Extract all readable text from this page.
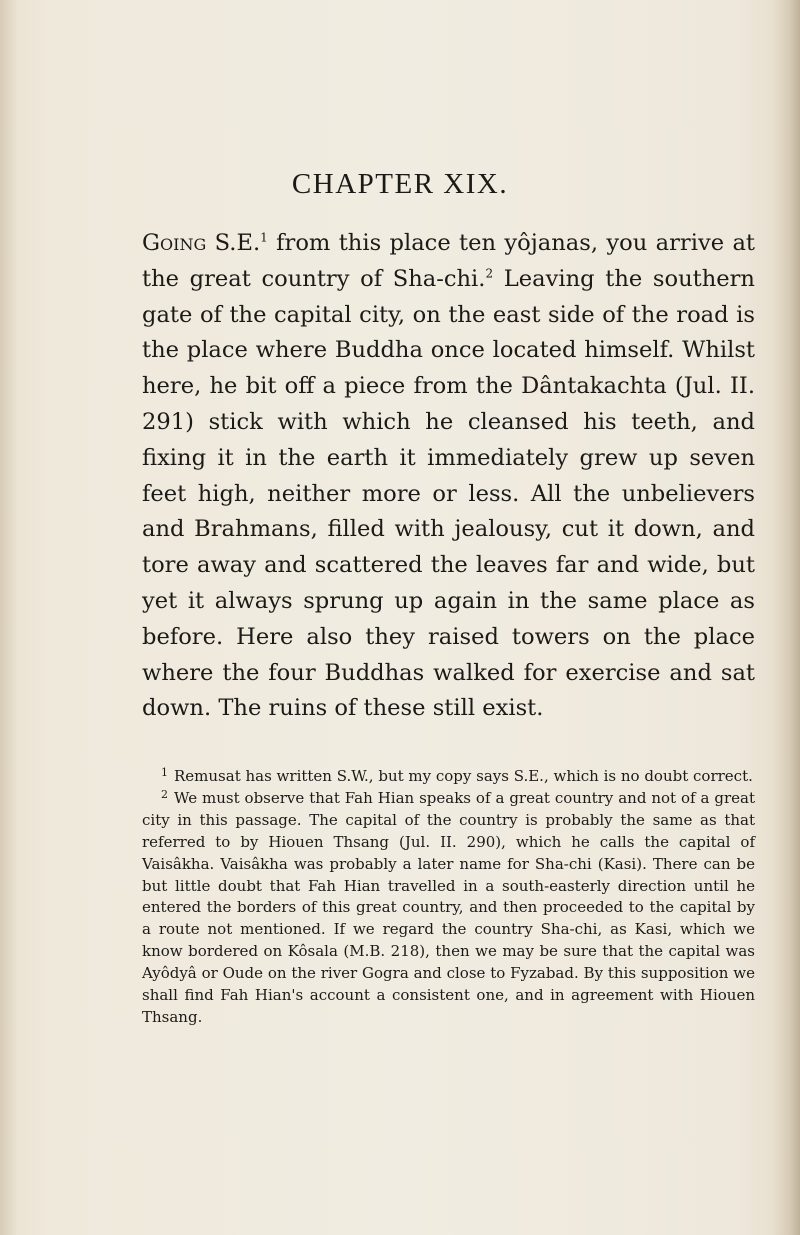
CHAPTER XIX.

Going S.E.$^1$ from this place ten yôjanas, you arrive at the great country of Sha-chi.$^2$ Leaving the southern gate of the capital city, on the east side of the road is the place where Buddha once located himself. Whilst here, he bit off a piece from the Dântakachta (Jul. II. 291) stick with which he cleansed his teeth, and fixing it in the earth it immediately grew up seven feet high, neither more or less. All the unbelievers and Brahmans, filled with jealousy, cut it down, and tore away and scattered the leaves far and wide, but yet it always sprung up again in the same place as before. Here also they raised towers on the place where the four Buddhas walked for exercise and sat down. The ruins of these still exist.

$^1$ Remusat has written S.W., but my copy says S.E., which is no doubt correct.

$^2$ We must observe that Fah Hian speaks of a great country and not of a great city in this passage. The capital of the country is probably the same as that referred to by Hiouen Thsang (Jul. II. 290), which he calls the capital of Vaisâkha. Vaisâkha was probably a later name for Sha-chi (Kasi). There can be but little doubt that Fah Hian travelled in a south-easterly direction until he entered the borders of this great country, and then proceeded to the capital by a route not mentioned. If we regard the country Sha-chi, as Kasi, which we know bordered on Kôsala (M.B. 218), then we may be sure that the capital was Ayôdyâ or Oude on the river Gogra and close to Fyzabad. By this supposition we shall find Fah Hian's account a consistent one, and in agreement with Hiouen Thsang.
